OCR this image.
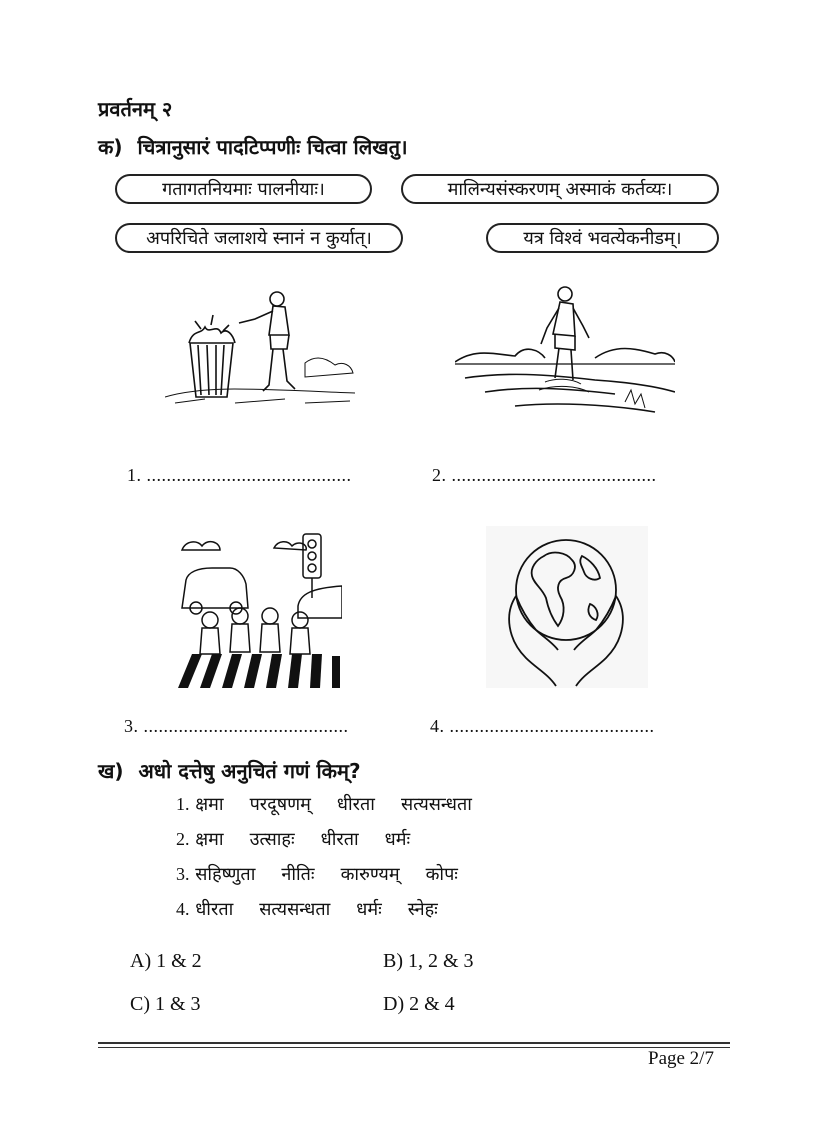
प्रवर्तनम् २
क) चित्रानुसारं पादटिप्पणीः चित्वा लिखतु।
गतागतनियमाः पालनीयाः।	मालिन्यसंस्करणम् अस्माकं कर्तव्यः।
अपरिचिते जलाशये स्नानं न कुर्यात्।	यत्र विश्वं भवत्येकनीडम्।
1. .........................................	2. .........................................
3. .........................................	4. .........................................
ख) अधो दत्तेषु अनुचितं गणं किम्?
1. क्षमा परदूषणम् धीरता सत्यसन्धता
2. क्षमा उत्साहः धीरता धर्मः
3. सहिष्णुता नीतिः कारुण्यम् कोपः
4. धीरता सत्यसन्धता धर्मः स्नेहः
A) 1 & 2	B) 1, 2 & 3
C) 1 & 3	D) 2 & 4
Page 2/7
